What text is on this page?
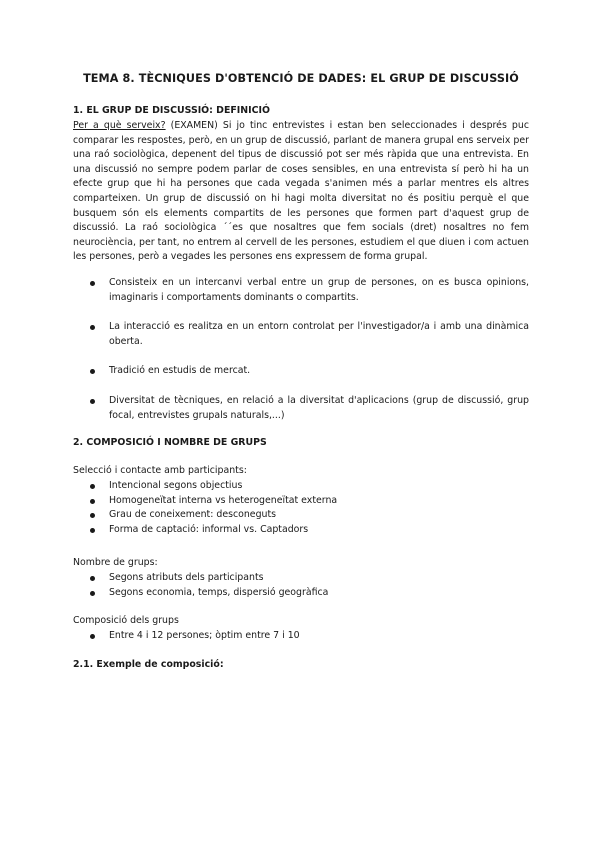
TEMA 8. TÈCNIQUES D'OBTENCIÓ DE DADES: EL GRUP DE DISCUSSIÓ
1. EL GRUP DE DISCUSSIÓ: DEFINICIÓ
Per a què serveix? (EXAMEN) Si jo tinc entrevistes i estan ben seleccionades i després puc comparar les respostes, però, en un grup de discussió, parlant de manera grupal ens serveix per una raó sociològica, depenent del tipus de discussió pot ser més ràpida que una entrevista. En una discussió no sempre podem parlar de coses sensibles, en una entrevista sí però hi ha un efecte grup que hi ha persones que cada vegada s'animen més a parlar mentres els altres comparteixen. Un grup de discussió on hi hagi molta diversitat no és positiu perquè el que busquem són els elements compartits de les persones que formen part d'aquest grup de discussió. La raó sociològica ´´es que nosaltres que fem socials (dret) nosaltres no fem neurociència, per tant, no entrem al cervell de les persones, estudiem el que diuen i com actuen les persones, però a vegades les persones ens expressem de forma grupal.
Consisteix en un intercanvi verbal entre un grup de persones, on es busca opinions, imaginaris i comportaments dominants o compartits.
La interacció es realitza en un entorn controlat per l'investigador/a i amb una dinàmica oberta.
Tradició en estudis de mercat.
Diversitat de tècniques, en relació a la diversitat d'aplicacions (grup de discussió, grup focal, entrevistes grupals naturals,...)
2. COMPOSICIÓ I NOMBRE DE GRUPS
Selecció i contacte amb participants:
Intencional segons objectius
Homogeneïtat interna vs heterogeneïtat externa
Grau de coneixement: desconeguts
Forma de captació: informal vs. Captadors
Nombre de grups:
Segons atributs dels participants
Segons economia, temps, dispersió geogràfica
Composició dels grups
Entre 4 i 12 persones; òptim entre 7 i 10
2.1. Exemple de composició:
